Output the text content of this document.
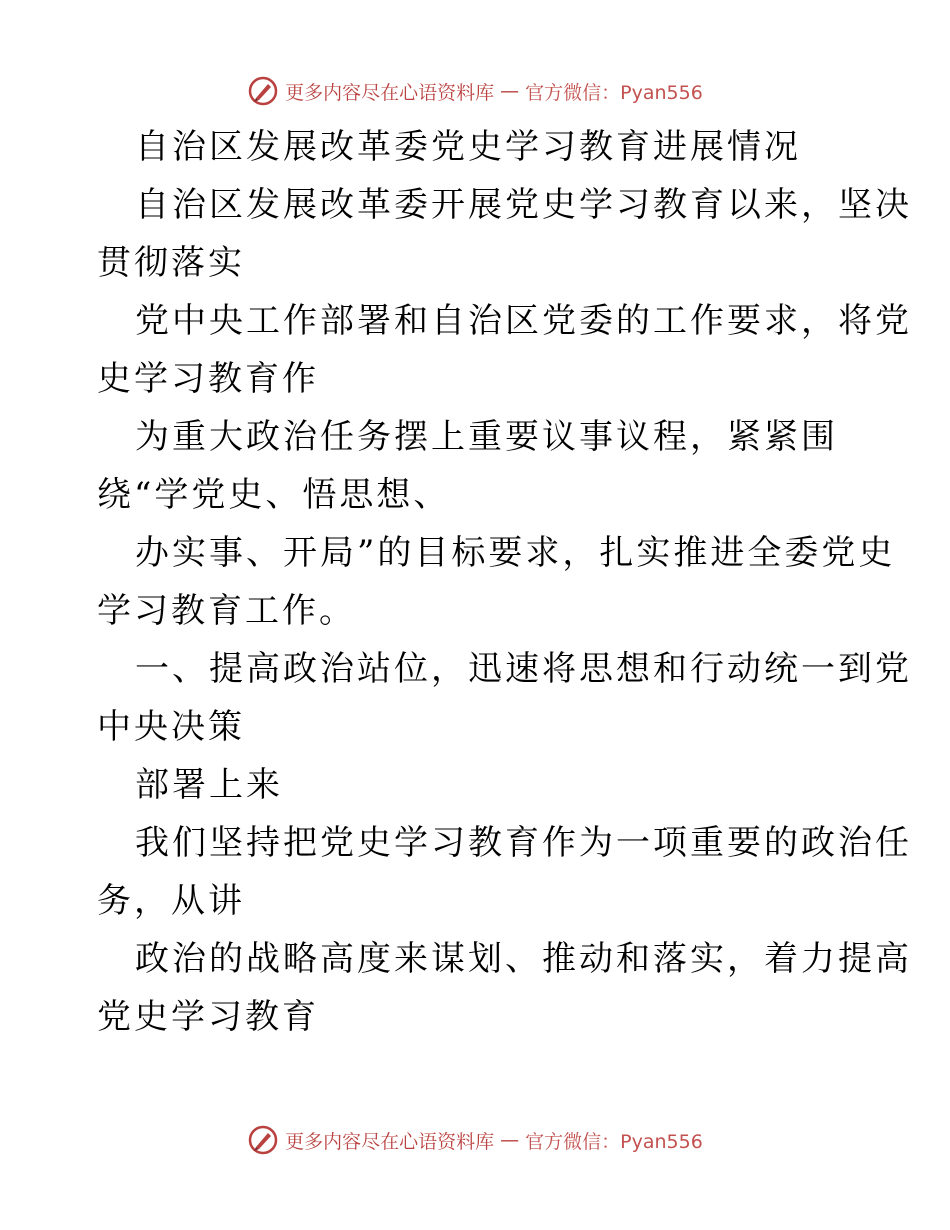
更多内容尽在心语资料库 — 官方微信：Pyan556
自治区发展改革委党史学习教育进展情况
自治区发展改革委开展党史学习教育以来，坚决
贯彻落实
党中央工作部署和自治区党委的工作要求，将党
史学习教育作
为重大政治任务摆上重要议事议程，紧紧围
绕“学党史、悟思想、
办实事、开局”的目标要求，扎实推进全委党史
学习教育工作。
一、提高政治站位，迅速将思想和行动统一到党
中央决策
部署上来
我们坚持把党史学习教育作为一项重要的政治任
务，从讲
政治的战略高度来谋划、推动和落实，着力提高
党史学习教育
更多内容尽在心语资料库 — 官方微信：Pyan556
